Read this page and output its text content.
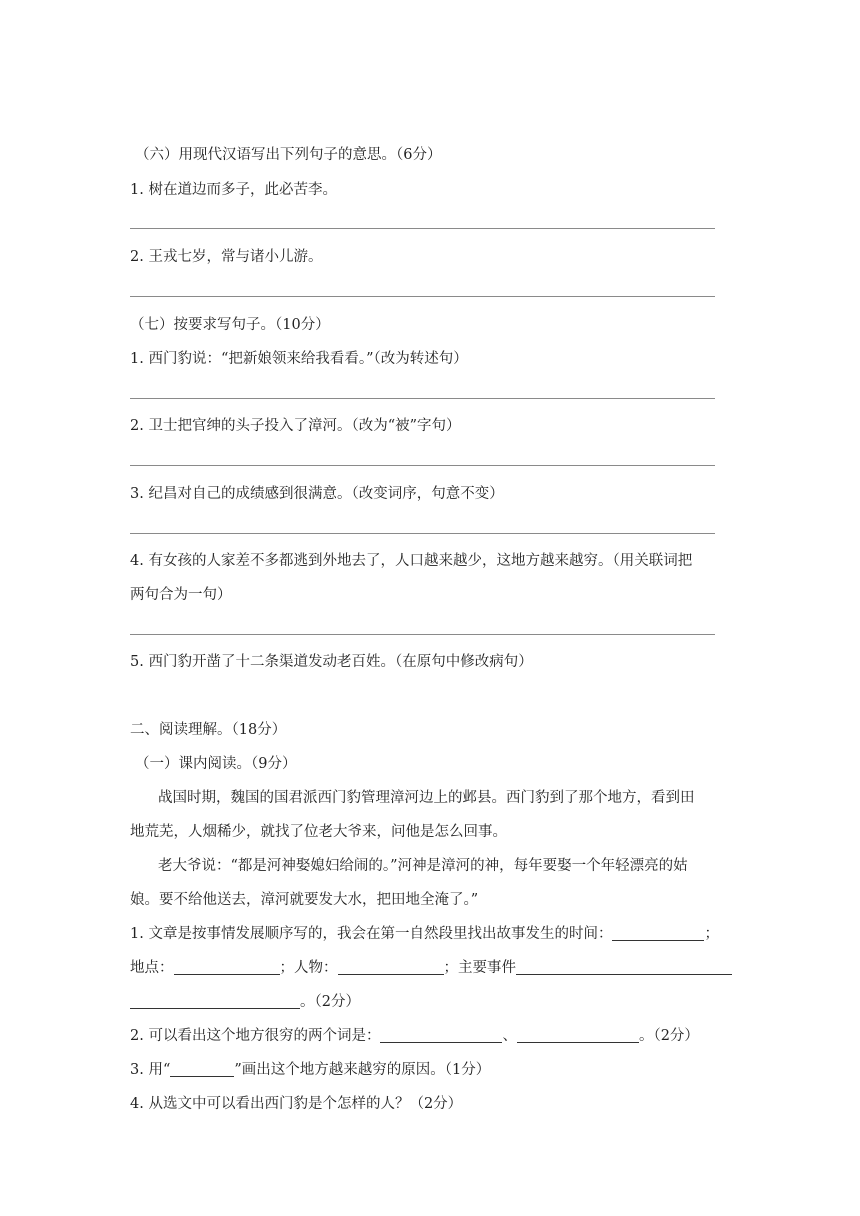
（六）用现代汉语写出下列句子的意思。（6分）
1. 树在道边而多子，此必苦李。
2. 王戎七岁，常与诸小儿游。
（七）按要求写句子。（10分）
1. 西门豹说：“把新娘领来给我看看。”（改为转述句）
2. 卫士把官绅的头子投入了漳河。（改为“被”字句）
3. 纪昌对自己的成绩感到很满意。（改变词序，句意不变）
4. 有女孩的人家差不多都逃到外地去了，人口越来越少，这地方越来越穷。（用关联词把
两句合为一句）
5. 西门豹开凿了十二条渠道发动老百姓。（在原句中修改病句）
二、阅读理解。（18分）
（一）课内阅读。（9分）
战国时期，魏国的国君派西门豹管理漳河边上的邺县。西门豹到了那个地方，看到田
地荒芜，人烟稀少，就找了位老大爷来，问他是怎么回事。
老大爷说：“都是河神娶媳妇给闹的。”河神是漳河的神，每年要娶一个年轻漂亮的姑
娘。要不给他送去，漳河就要发大水，把田地全淹了。”
1. 文章是按事情发展顺序写的，我会在第一自然段里找出故事发生的时间：	；
地点：	；人物：	；主要事件
。（2分）
2. 可以看出这个地方很穷的两个词是：	、	。（2分）
3. 用“	”画出这个地方越来越穷的原因。（1分）
4. 从选文中可以看出西门豹是个怎样的人？（2分）
